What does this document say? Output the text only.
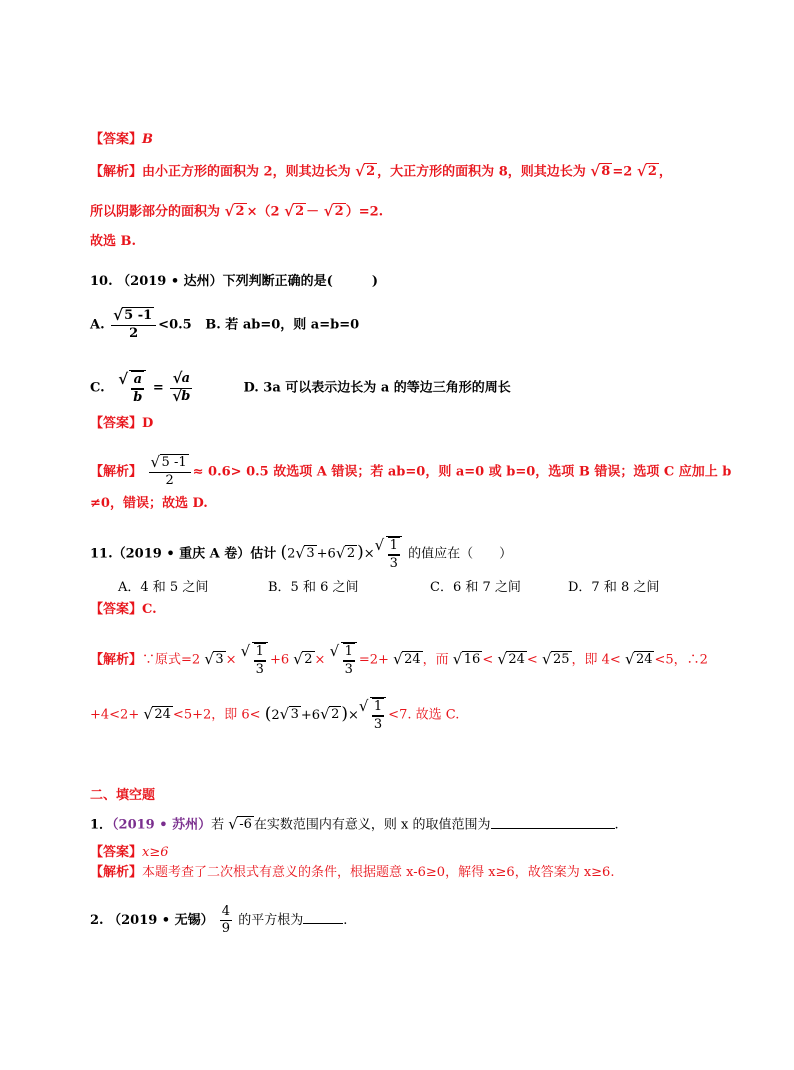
【答案】B
【解析】由小正方形的面积为 2，则其边长为 √ 2 ，大正方形的面积为 8，则其边长为 √ 8 =2 √ 2 ，
所以阴影部分的面积为 √ 2 ×（2 √ 2 － √ 2 ）=2.
故选 B.
10. （2019 • 达州）下列判断正确的是(　　　)
A. √ $\frac{5 -1}{2} <0.5$ B. 若 ab=0，则 a=b=0
C. √ $\frac{a}{b}$ = √ a
√ b	D. 3a 可以表示边长为 a 的等边三角形的周长
【答案】D
【解析】 √ $\frac{5 -1}{2} \approx 0.6> 0.5$ 故选项 A 错误；若 ab=0，则 a=0 或 b=0，选项 B 错误；选项 C 应加上 b
≠0，错误；故选 D.
11.（2019 • 重庆 A 卷）估计 (2 √ 3 +6 √ 2 )× √ $\frac{1}{3}$ 的值应在（　　）
A．4 和 5 之间	B．5 和 6 之间	C．6 和 7 之间	D．7 和 8 之间
【答案】C.
【解析】∵原式=2 √ 3 × √ $\frac{1}{3} +6$ √ 2 × √ $\frac{1}{3} =2+$ √ 24 ，而 √ 16 < √ 24 < √ 25 ，即 4< √ 24 <5，∴2
+4<2+ √ 24 <5+2，即 6< (2 √ 3 +6 √ 2 )× √ $\frac{1}{3} <7$. 故选 C.
二、填空题
1．（2019 • 苏州）若 √ -6 在实数范围内有意义，则 x 的取值范围为	.
【答案】x≥6
【解析】本题考查了二次根式有意义的条件，根据题意 x-6≥0，解得 x≥6，故答案为 x≥6.
2. （2019 • 无锡） $\frac{4}{9}$ 的平方根为	.
